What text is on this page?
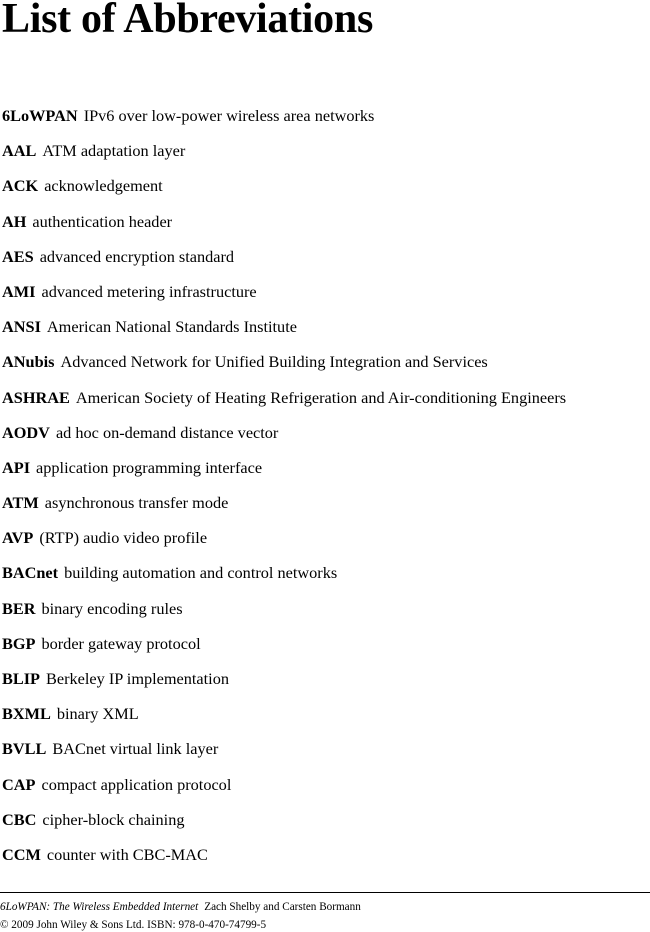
List of Abbreviations
6LoWPAN IPv6 over low-power wireless area networks
AAL ATM adaptation layer
ACK acknowledgement
AH authentication header
AES advanced encryption standard
AMI advanced metering infrastructure
ANSI American National Standards Institute
ANubis Advanced Network for Unified Building Integration and Services
ASHRAE American Society of Heating Refrigeration and Air-conditioning Engineers
AODV ad hoc on-demand distance vector
API application programming interface
ATM asynchronous transfer mode
AVP (RTP) audio video profile
BACnet building automation and control networks
BER binary encoding rules
BGP border gateway protocol
BLIP Berkeley IP implementation
BXML binary XML
BVLL BACnet virtual link layer
CAP compact application protocol
CBC cipher-block chaining
CCM counter with CBC-MAC
6LoWPAN: The Wireless Embedded Internet Zach Shelby and Carsten Bormann
© 2009 John Wiley & Sons Ltd. ISBN: 978-0-470-74799-5
